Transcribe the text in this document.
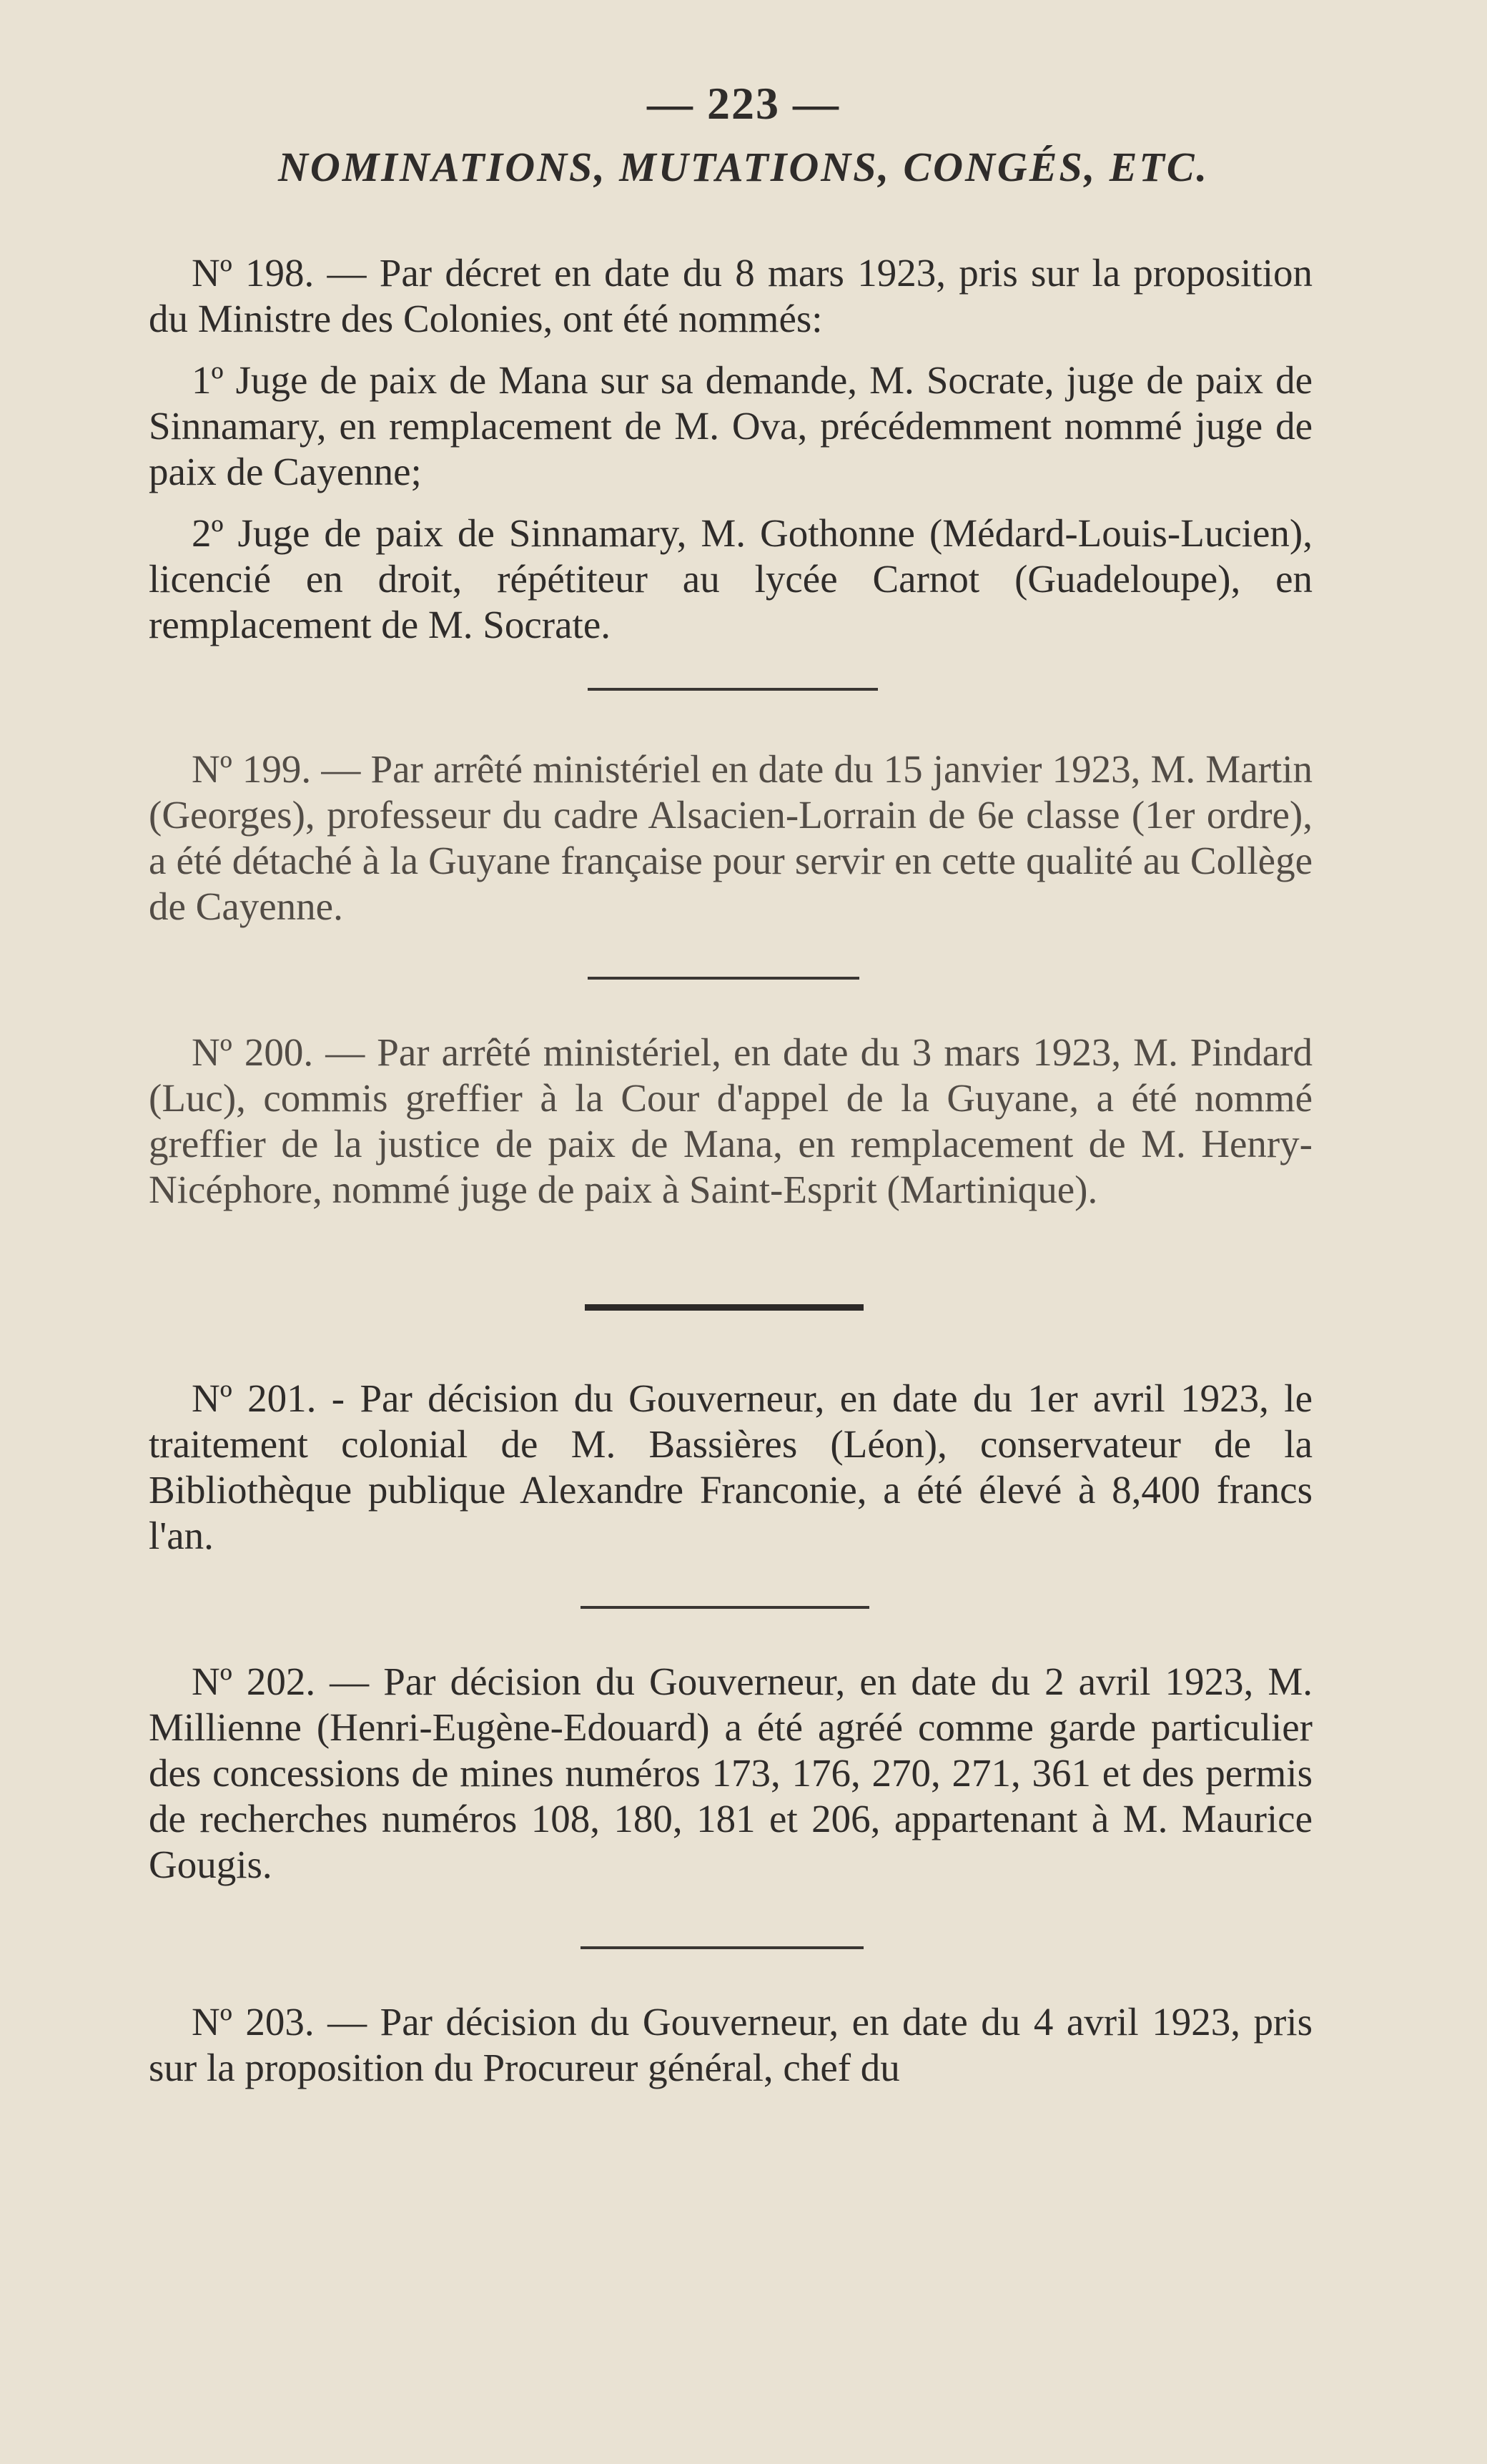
— 223 —
NOMINATIONS, MUTATIONS, CONGÉS, ETC.

Nº 198. — Par décret en date du 8 mars 1923, pris sur la proposition du Ministre des Colonies, ont été nommés:

1º Juge de paix de Mana sur sa demande, M. Socrate, juge de paix de Sinnamary, en remplacement de M. Ova, précédemment nommé juge de paix de Cayenne;

2º Juge de paix de Sinnamary, M. Gothonne (Médard-Louis-Lucien), licencié en droit, répétiteur au lycée Carnot (Guadeloupe), en remplacement de M. Socrate.

Nº 199. — Par arrêté ministériel en date du 15 janvier 1923, M. Martin (Georges), professeur du cadre Alsacien-Lorrain de 6e classe (1er ordre), a été détaché à la Guyane française pour servir en cette qualité au Collège de Cayenne.

Nº 200. — Par arrêté ministériel, en date du 3 mars 1923, M. Pindard (Luc), commis greffier à la Cour d'appel de la Guyane, a été nommé greffier de la justice de paix de Mana, en remplacement de M. Henry-Nicéphore, nommé juge de paix à Saint-Esprit (Martinique).

Nº 201. - Par décision du Gouverneur, en date du 1er avril 1923, le traitement colonial de M. Bassières (Léon), conservateur de la Bibliothèque publique Alexandre Franconie, a été élevé à 8,400 francs l'an.

Nº 202. — Par décision du Gouverneur, en date du 2 avril 1923, M. Millienne (Henri-Eugène-Edouard) a été agréé comme garde particulier des concessions de mines numéros 173, 176, 270, 271, 361 et des permis de recherches numéros 108, 180, 181 et 206, appartenant à M. Maurice Gougis.

Nº 203. — Par décision du Gouverneur, en date du 4 avril 1923, pris sur la proposition du Procureur général, chef du
